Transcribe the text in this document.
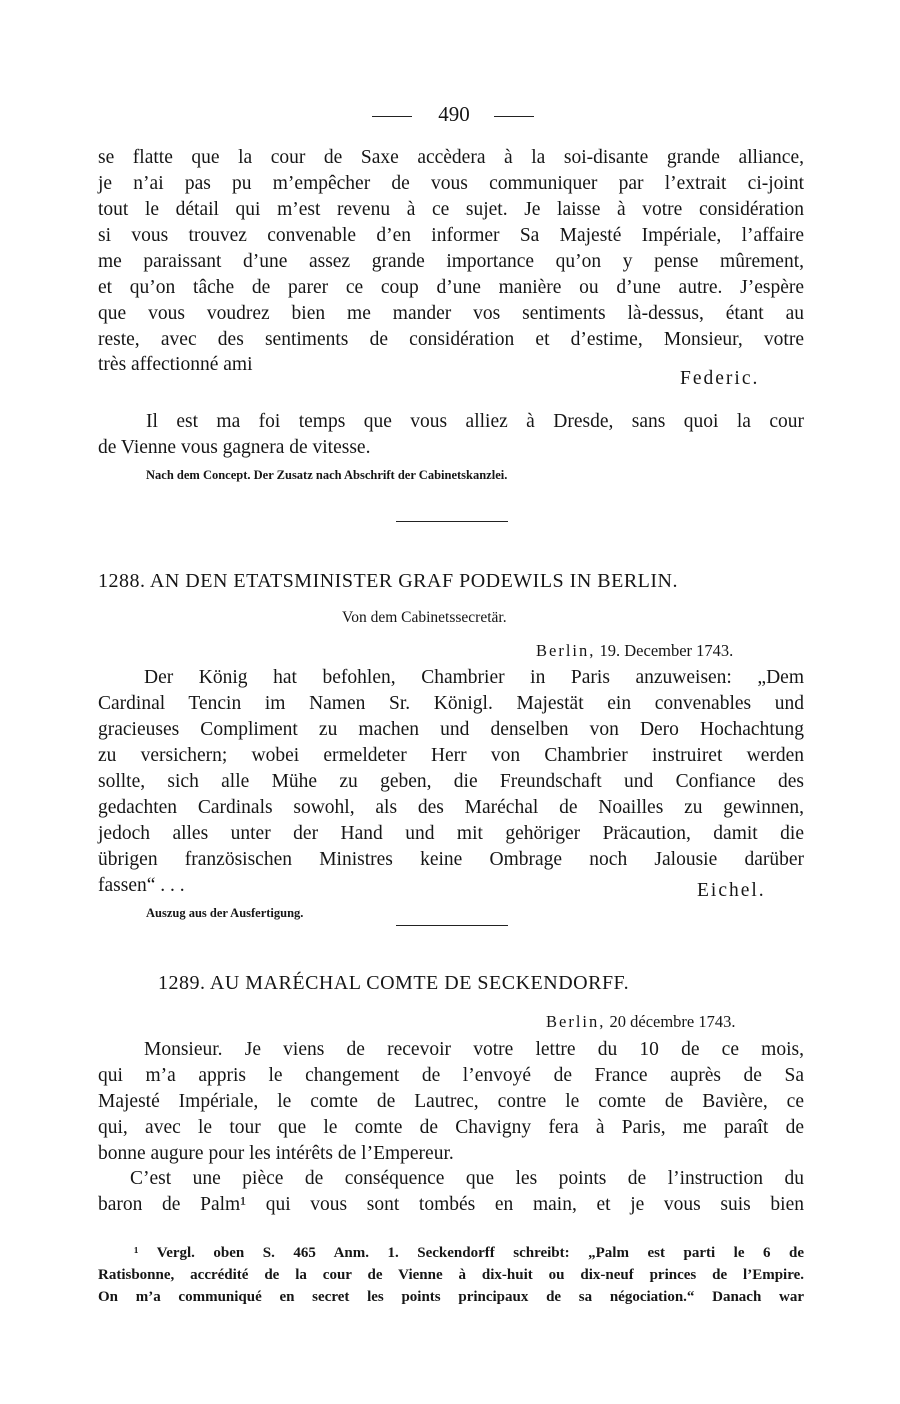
490
se flatte que la cour de Saxe accèdera à la soi-disante grande alliance,
je n’ai pas pu m’empêcher de vous communiquer par l’extrait ci-joint
tout le détail qui m’est revenu à ce sujet. Je laisse à votre considération
si vous trouvez convenable d’en informer Sa Majesté Impériale, l’affaire
me paraissant d’une assez grande importance qu’on y pense mûrement,
et qu’on tâche de parer ce coup d’une manière ou d’une autre. J’espère
que vous voudrez bien me mander vos sentiments là-dessus, étant au
reste, avec des sentiments de considération et d’estime, Monsieur, votre
très affectionné ami
Federic.
Il est ma foi temps que vous alliez à Dresde, sans quoi la cour
de Vienne vous gagnera de vitesse.
Nach dem Concept. Der Zusatz nach Abschrift der Cabinetskanzlei.
1288. AN DEN ETATSMINISTER GRAF PODEWILS IN BERLIN.
Von dem Cabinetssecretär.
Berlin, 19. December 1743.
Der König hat befohlen, Chambrier in Paris anzuweisen: „Dem
Cardinal Tencin im Namen Sr. Königl. Majestät ein convenables und
gracieuses Compliment zu machen und denselben von Dero Hochachtung
zu versichern; wobei ermeldeter Herr von Chambrier instruiret werden
sollte, sich alle Mühe zu geben, die Freundschaft und Confiance des
gedachten Cardinals sowohl, als des Maréchal de Noailles zu gewinnen,
jedoch alles unter der Hand und mit gehöriger Präcaution, damit die
übrigen französischen Ministres keine Ombrage noch Jalousie darüber
fassen“ . . .	Eichel.
Auszug aus der Ausfertigung.
1289. AU MARÉCHAL COMTE DE SECKENDORFF.
Berlin, 20 décembre 1743.
Monsieur. Je viens de recevoir votre lettre du 10 de ce mois,
qui m’a appris le changement de l’envoyé de France auprès de Sa
Majesté Impériale, le comte de Lautrec, contre le comte de Bavière, ce
qui, avec le tour que le comte de Chavigny fera à Paris, me paraît de
bonne augure pour les intérêts de l’Empereur.
C’est une pièce de conséquence que les points de l’instruction du
baron de Palm¹ qui vous sont tombés en main, et je vous suis bien
¹ Vergl. oben S. 465 Anm. 1. Seckendorff schreibt: „Palm est parti le 6 de
Ratisbonne, accrédité de la cour de Vienne à dix-huit ou dix-neuf princes de l’Empire.
On m’a communiqué en secret les points principaux de sa négociation.“ Danach war
